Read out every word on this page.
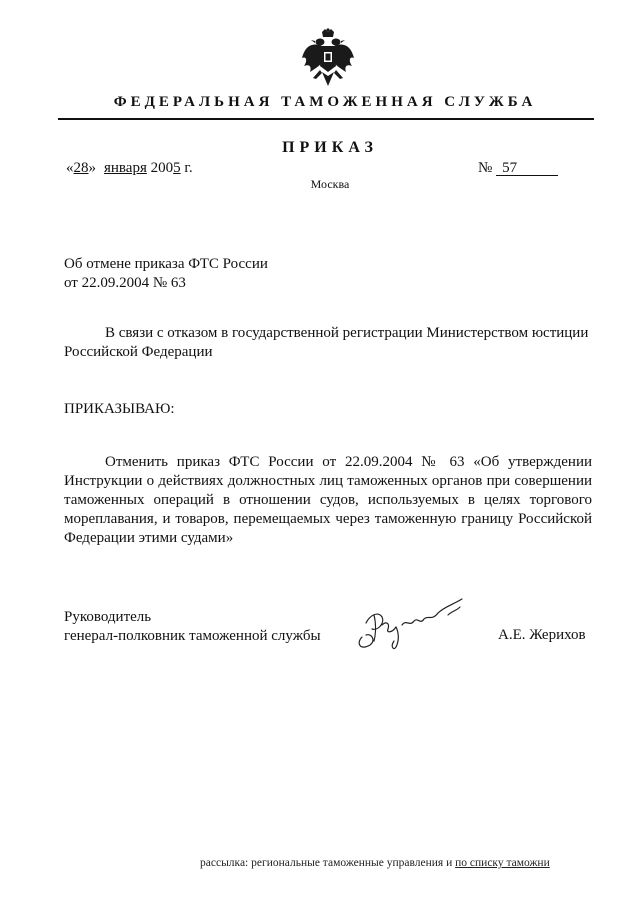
ФЕДЕРАЛЬНАЯ ТАМОЖЕННАЯ СЛУЖБА
ПРИКАЗ
«28» января 2005 г.	№ 57
Москва
Об отмене приказа ФТС России
от 22.09.2004 № 63
В связи с отказом в государственной регистрации Министерством юстиции Российской Федерации
ПРИКАЗЫВАЮ:
Отменить приказ ФТС России от 22.09.2004 № 63 «Об утверждении Инструкции о действиях должностных лиц таможенных органов при совершении таможенных операций в отношении судов, используемых в целях торгового мореплавания, и товаров, перемещаемых через таможенную границу Российской Федерации этими судами»
Руководитель
генерал-полковник таможенной службы	А.Е. Жерихов
рассылка: региональные таможенные управления и по списку таможни
